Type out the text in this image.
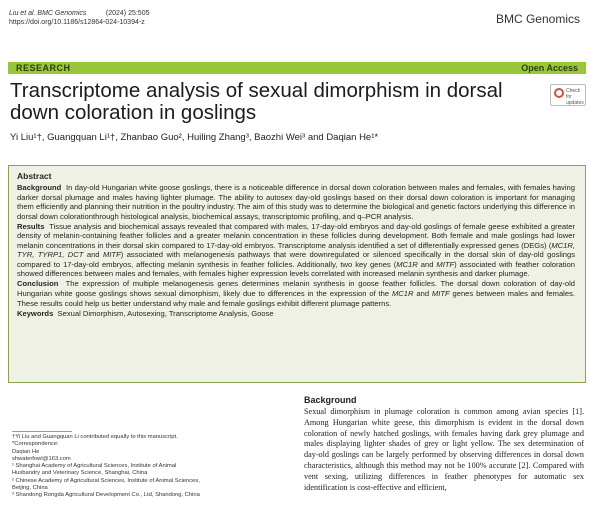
Liu et al. BMC Genomics	(2024) 25:505
https://doi.org/10.1186/s12864-024-10394-z	BMC Genomics
RESEARCH	Open Access
Transcriptome analysis of sexual dimorphism in dorsal down coloration in goslings
Check for updates
Yi Liu¹†, Guangquan Li¹†, Zhanbao Guo², Huiling Zhang³, Baozhi Wei³ and Daqian He¹*
Abstract

Background In day-old Hungarian white goose goslings, there is a noticeable difference in dorsal down coloration between males and females, with females having darker dorsal plumage and males having lighter plumage. The ability to autosex day-old goslings based on their dorsal down coloration is important for managing them efficiently and planning their nutrition in the poultry industry. The aim of this study was to determine the biological and genetic factors underlying this difference in dorsal down colorationthrough histological analysis, biochemical assays, transcriptomic profiling, and q–PCR analysis.

Results Tissue analysis and biochemical assays revealed that compared with males, 17-day-old embryos and day-old goslings of female geese exhibited a greater density of melanin-containing feather follicles and a greater melanin concentration in these follicles during development. Both female and male goslings had lower melanin concentrations in their dorsal skin compared to 17-day-old embryos. Transcriptome analysis identified a set of differentially expressed genes (DEGs) (MC1R, TYR, TYRP1, DCT and MITF) associated with melanogenesis pathways that were downregulated or silenced specifically in the dorsal skin of day-old goslings compared to 17-day-old embryos, affecting melanin synthesis in feather follicles. Additionally, two key genes (MC1R and MITF) associated with feather coloration showed differences between males and females, with females higher expression levels correlated with increased melanin synthesis and darker plumage.

Conclusion The expression of multiple melanogenesis genes determines melanin synthesis in goose feather follicles. The dorsal down coloration of day-old Hungarian white goose goslings shows sexual dimorphism, likely due to differences in the expression of the MC1R and MITF genes between males and females. These results could help us better understand why male and female goslings exhibit different plumage patterns.

Keywords Sexual Dimorphism, Autosexing, Transcriptome Analysis, Goose

†Yi Liu and Guangquan Li contributed equally to this manuscript.
*Correspondence:
Daqian He
shwaterfowl@163.com
¹ Shanghai Academy of Agricultural Sciences, Institute of Animal
Husbandry and Veterinary Science, Shanghai, China
² Chinese Academy of Agricultural Sciences, Institute of Animal Sciences,
Beijing, China
³ Shandong Rongda Agricultural Development Co., Ltd, Shandong, China
Background

Sexual dimorphism in plumage coloration is common among avian species [1]. Among Hungarian white geese, this dimorphism is evident in the dorsal down coloration of newly hatched goslings, with females having dark grey plumage and males displaying lighter shades of grey or light yellow. The sex determination of day-old goslings can be largely performed by observing differences in dorsal down characteristics, although this method may not be 100% accurate [2]. Compared with vent sexing, utilizing differences in feather phenotypes for automatic sex identification is cost-effective and efficient,
